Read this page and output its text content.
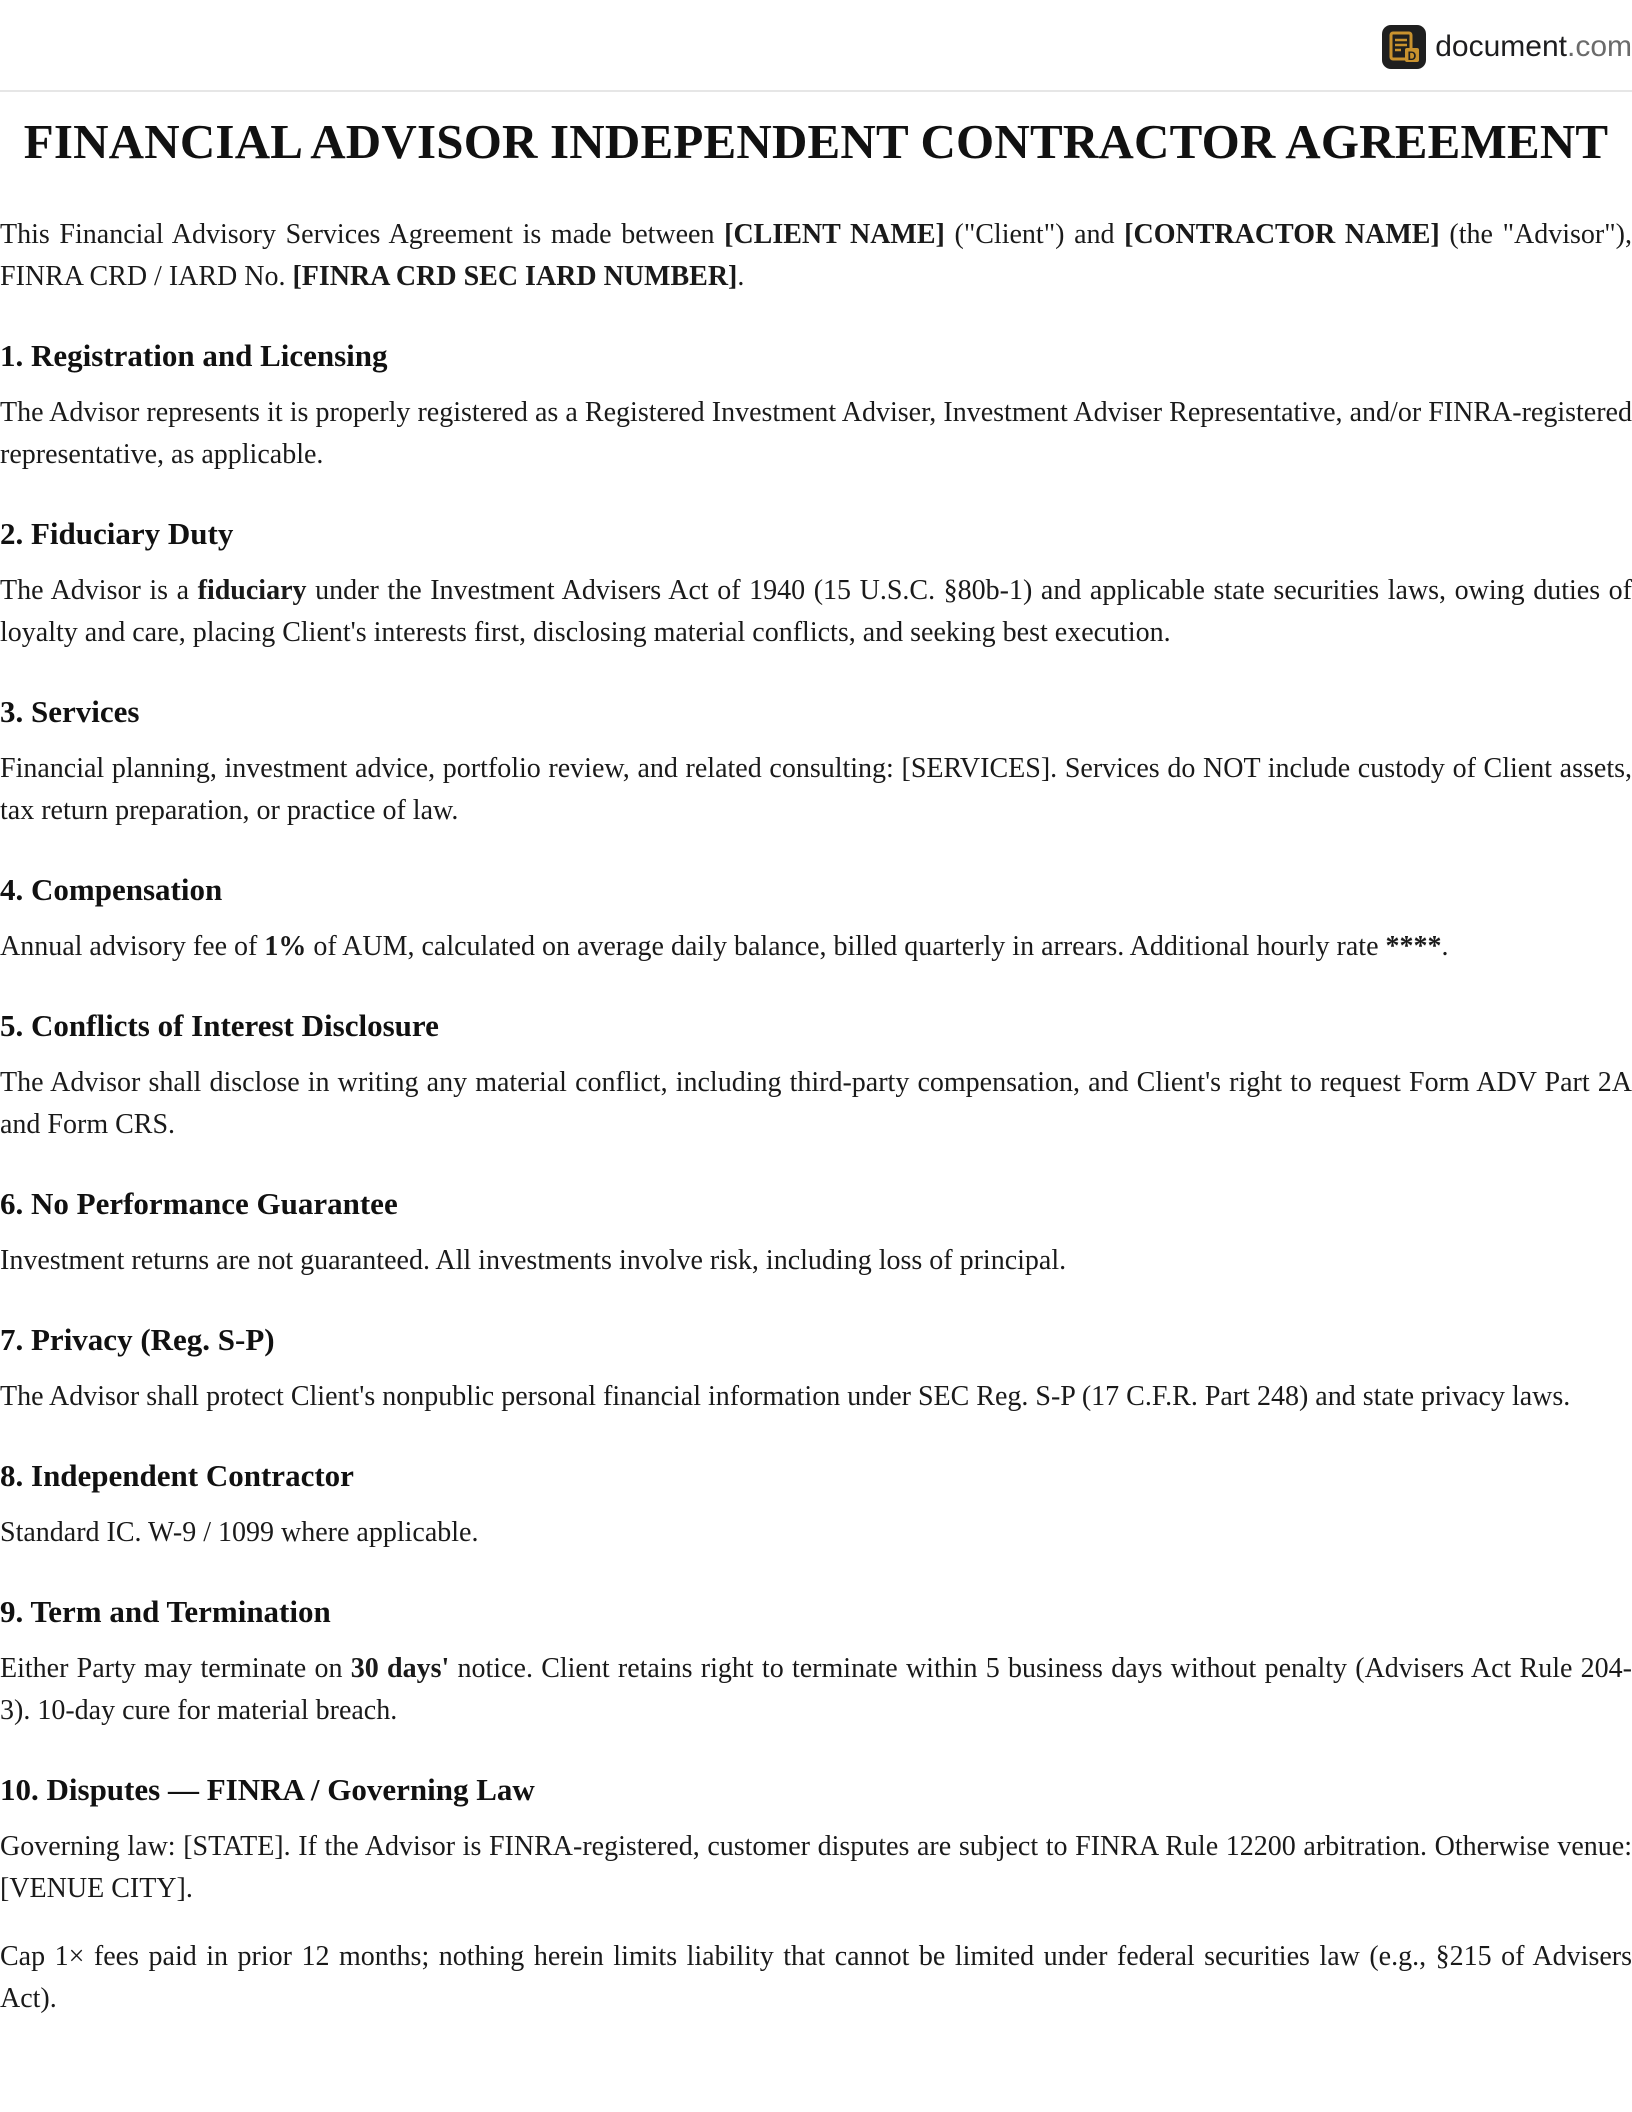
D document.com
FINANCIAL ADVISOR INDEPENDENT CONTRACTOR AGREEMENT

This Financial Advisory Services Agreement is made between [CLIENT NAME] ("Client") and [CONTRACTOR NAME] (the "Advisor"), FINRA CRD / IARD No. [FINRA CRD SEC IARD NUMBER].

1. Registration and Licensing

The Advisor represents it is properly registered as a Registered Investment Adviser, Investment Adviser Representative, and/or FINRA-registered representative, as applicable.

2. Fiduciary Duty

The Advisor is a fiduciary under the Investment Advisers Act of 1940 (15 U.S.C. §80b-1) and applicable state securities laws, owing duties of loyalty and care, placing Client's interests first, disclosing material conflicts, and seeking best execution.

3. Services

Financial planning, investment advice, portfolio review, and related consulting: [SERVICES]. Services do NOT include custody of Client assets, tax return preparation, or practice of law.

4. Compensation

Annual advisory fee of 1% of AUM, calculated on average daily balance, billed quarterly in arrears. Additional hourly rate ****.

5. Conflicts of Interest Disclosure

The Advisor shall disclose in writing any material conflict, including third-party compensation, and Client's right to request Form ADV Part 2A and Form CRS.

6. No Performance Guarantee

Investment returns are not guaranteed. All investments involve risk, including loss of principal.

7. Privacy (Reg. S-P)

The Advisor shall protect Client's nonpublic personal financial information under SEC Reg. S-P (17 C.F.R. Part 248) and state privacy laws.

8. Independent Contractor

Standard IC. W-9 / 1099 where applicable.

9. Term and Termination

Either Party may terminate on 30 days' notice. Client retains right to terminate within 5 business days without penalty (Advisers Act Rule 204-3). 10-day cure for material breach.

10. Disputes — FINRA / Governing Law

Governing law: [STATE]. If the Advisor is FINRA-registered, customer disputes are subject to FINRA Rule 12200 arbitration. Otherwise venue: [VENUE CITY].

Cap 1× fees paid in prior 12 months; nothing herein limits liability that cannot be limited under federal securities law (e.g., §215 of Advisers Act).
